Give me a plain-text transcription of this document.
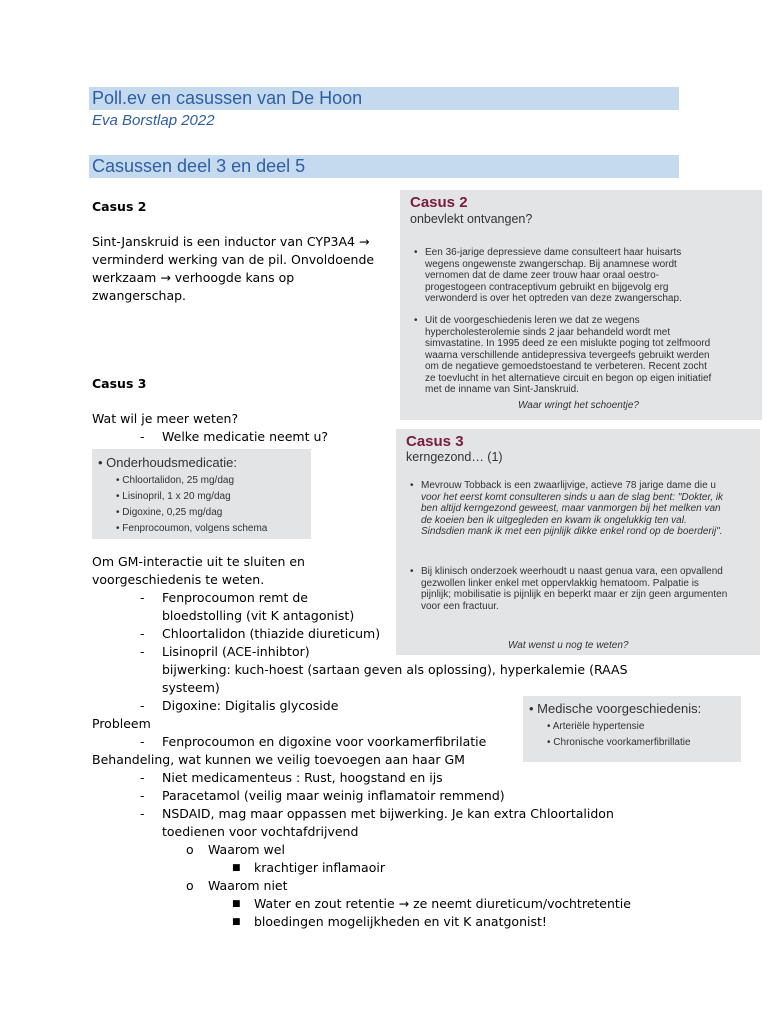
Poll.ev en casussen van De Hoon
Eva Borstlap 2022
Casussen deel 3 en deel 5
Casus 2
Sint-Janskruid is een inductor van CYP3A4 →
verminderd werking van de pil. Onvoldoende
werkzaam → verhoogde kans op
zwangerschap.
Casus 3
Wat wil je meer weten?
- Welke medicatie neemt u?
• Onderhoudsmedicatie:
• Chloortalidon, 25 mg/dag
• Lisinopril, 1 x 20 mg/dag
• Digoxine, 0,25 mg/dag
• Fenprocoumon, volgens schema
Om GM-interactie uit te sluiten en
voorgeschiedenis te weten.
- Fenprocoumon remt de
bloedstolling (vit K antagonist)
- Chloortalidon (thiazide diureticum)
- Lisinopril (ACE-inhibtor)
bijwerking: kuch-hoest (sartaan geven als oplossing), hyperkalemie (RAAS
systeem)
- Digoxine: Digitalis glycoside
Probleem
- Fenprocoumon en digoxine voor voorkamerfibrilatie
Behandeling, wat kunnen we veilig toevoegen aan haar GM
- Niet medicamenteus : Rust, hoogstand en ijs
- Paracetamol (veilig maar weinig inflamatoir remmend)
- NSDAID, mag maar oppassen met bijwerking. Je kan extra Chloortalidon
toedienen voor vochtafdrijvend
o Waarom wel
■ krachtiger inflamaoir
o Waarom niet
■ Water en zout retentie → ze neemt diureticum/vochtretentie
■ bloedingen mogelijkheden en vit K anatgonist!
Casus 2
onbevlekt ontvangen?
• Een 36-jarige depressieve dame consulteert haar huisarts
wegens ongewenste zwangerschap. Bij anamnese wordt
vernomen dat de dame zeer trouw haar oraal oestro-
progestogeen contraceptivum gebruikt en bijgevolg erg
verwonderd is over het optreden van deze zwangerschap.
• Uit de voorgeschiedenis leren we dat ze wegens
hypercholesterolemie sinds 2 jaar behandeld wordt met
simvastatine. In 1995 deed ze een mislukte poging tot zelfmoord
waarna verschillende antidepressiva tevergeefs gebruikt werden
om de negatieve gemoedstoestand te verbeteren. Recent zocht
ze toevlucht in het alternatieve circuit en begon op eigen initiatief
met de inname van Sint-Janskruid.
Waar wringt het schoentje?
Casus 3
kerngezond… (1)
• Mevrouw Tobback is een zwaarlijvige, actieve 78 jarige dame die u
voor het eerst komt consulteren sinds u aan de slag bent: "Dokter, ik
ben altijd kerngezond geweest, maar vanmorgen bij het melken van
de koeien ben ik uitgegleden en kwam ik ongelukkig ten val.
Sindsdien mank ik met een pijnlijk dikke enkel rond op de boerderij".
• Bij klinisch onderzoek weerhoudt u naast genua vara, een opvallend
gezwollen linker enkel met oppervlakkig hematoom. Palpatie is
pijnlijk; mobilisatie is pijnlijk en beperkt maar er zijn geen argumenten
voor een fractuur.
Wat wenst u nog te weten?
• Medische voorgeschiedenis:
• Arteriële hypertensie
• Chronische voorkamerfibrillatie
